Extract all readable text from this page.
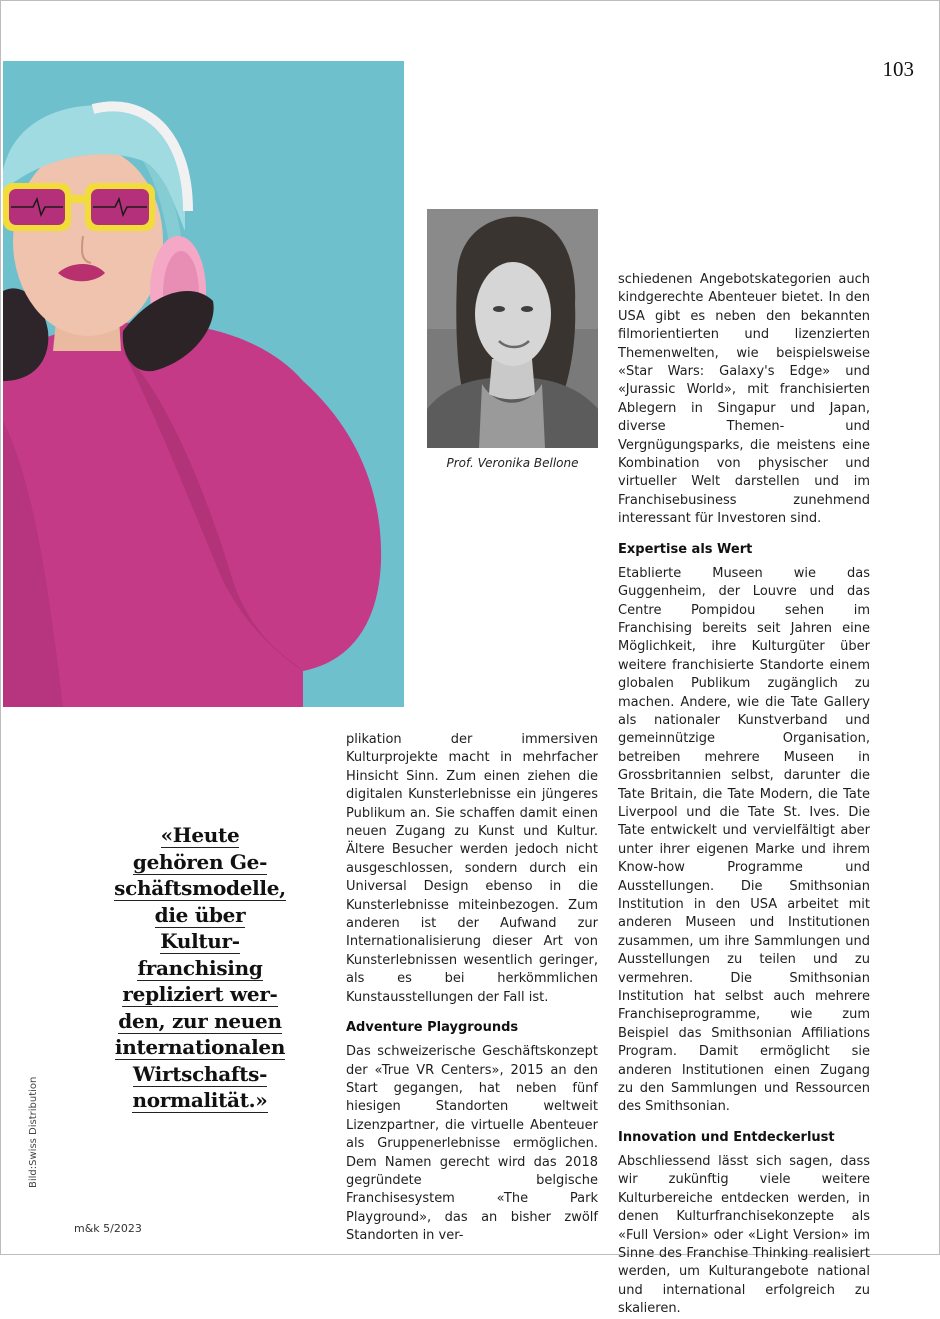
103
Prof. Veronika Bellone
«Heute
gehören Ge-
schäftsmodelle,
die über Kultur-
franchising
repliziert wer-
den, zur neuen
internationalen
Wirtschafts-
normalität.»

plikation der immersiven Kulturprojekte macht in mehrfacher Hinsicht Sinn. Zum einen ziehen die digitalen Kunsterlebnisse ein jüngeres Publikum an. Sie schaffen damit einen neuen Zugang zu Kunst und Kultur. Ältere Besucher werden jedoch nicht ausgeschlossen, sondern durch ein Universal Design ebenso in die Kunsterlebnisse miteinbezogen. Zum anderen ist der Aufwand zur Internationalisierung dieser Art von Kunsterlebnissen wesentlich geringer, als es bei herkömmlichen Kunstausstellungen der Fall ist.

Adventure Playgrounds

Das schweizerische Geschäftskonzept der «True VR Centers», 2015 an den Start gegangen, hat neben fünf hiesigen Standorten weltweit Lizenzpartner, die virtuelle Abenteuer als Gruppenerlebnisse ermöglichen. Dem Namen gerecht wird das 2018 gegründete belgische Franchisesystem «The Park Playground», das an bisher zwölf Standorten in ver-

schiedenen Angebotskategorien auch kindgerechte Abenteuer bietet. In den USA gibt es neben den bekannten filmorientierten und lizenzierten Themenwelten, wie beispielsweise «Star Wars: Galaxy's Edge» und «Jurassic World», mit franchisierten Ablegern in Singapur und Japan, diverse Themen- und Vergnügungsparks, die meistens eine Kombination von physischer und virtueller Welt darstellen und im Franchisebusiness zunehmend interessant für Investoren sind.

Expertise als Wert

Etablierte Museen wie das Guggenheim, der Louvre und das Centre Pompidou sehen im Franchising bereits seit Jahren eine Möglichkeit, ihre Kulturgüter über weitere franchisierte Standorte einem globalen Publikum zugänglich zu machen. Andere, wie die Tate Gallery als nationaler Kunstverband und gemeinnützige Organisation, betreiben mehrere Museen in Grossbritannien selbst, darunter die Tate Britain, die Tate Modern, die Tate Liverpool und die Tate St. Ives. Die Tate entwickelt und vervielfältigt aber unter ihrer eigenen Marke und ihrem Know-how Programme und Ausstellungen. Die Smithsonian Institution in den USA arbeitet mit anderen Museen und Institutionen zusammen, um ihre Sammlungen und Ausstellungen zu teilen und zu vermehren. Die Smithsonian Institution hat selbst auch mehrere Franchiseprogramme, wie zum Beispiel das Smithsonian Affiliations Program. Damit ermöglicht sie anderen Institutionen einen Zugang zu den Sammlungen und Ressourcen des Smithsonian.

Innovation und Entdeckerlust

Abschliessend lässt sich sagen, dass wir zukünftig viele weitere Kulturbereiche entdecken werden, in denen Kulturfranchisekonzepte als «Full Version» oder «Light Version» im Sinne des Franchise Thinking realisiert werden, um Kulturangebote national und international erfolgreich zu skalieren.

Bild:Swiss Distribution
m&k 5/2023
